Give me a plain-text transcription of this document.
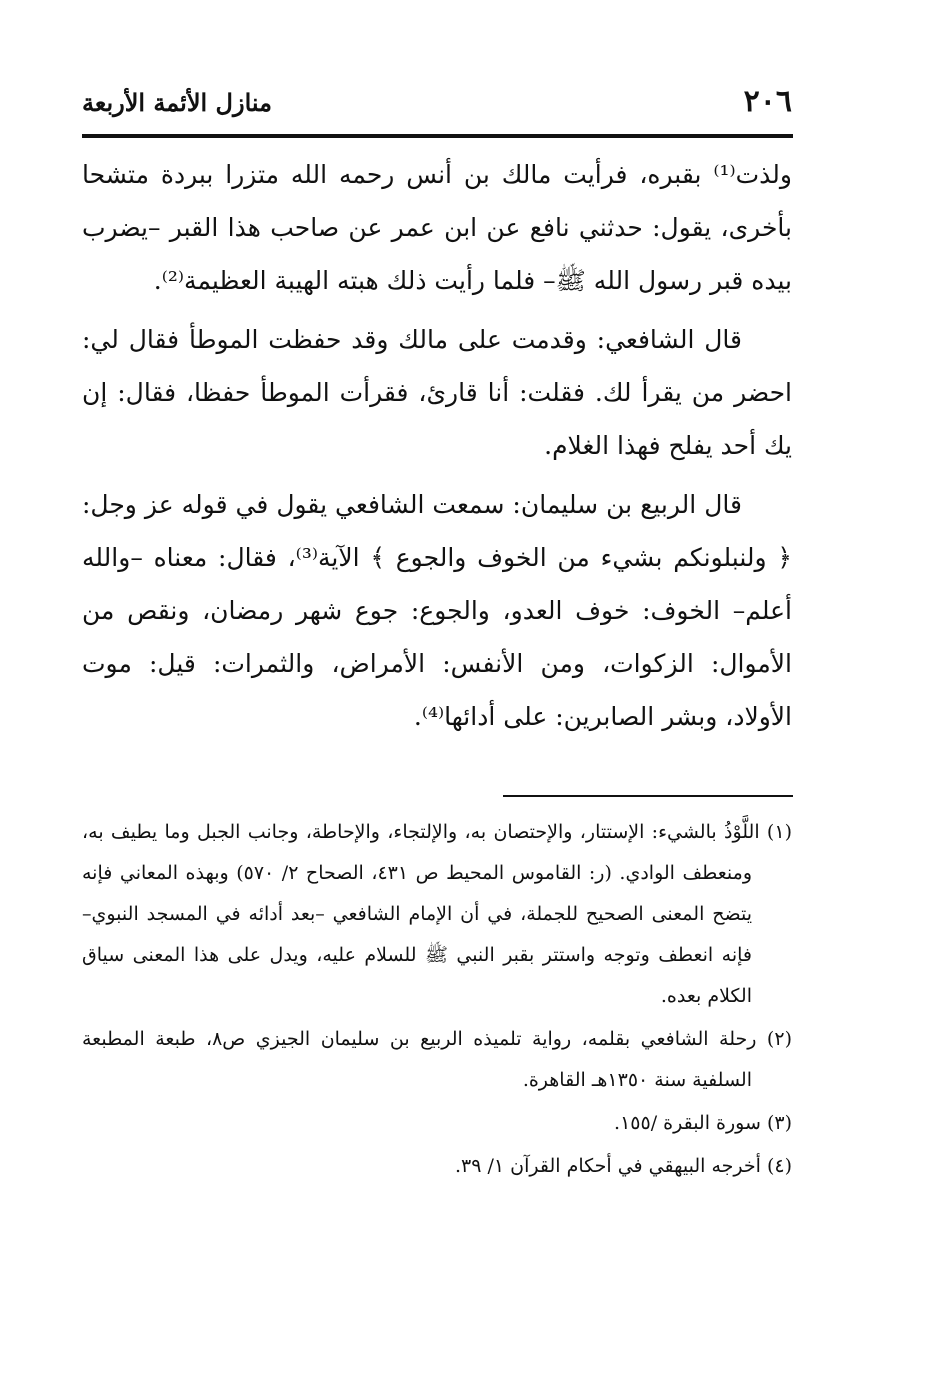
٢٠٦
منازل الأئمة الأربعة

ولذت⁽¹⁾ بقبره، فرأيت مالك بن أنس رحمه الله متزرا ببردة متشحا بأخرى، يقول: حدثني نافع عن ابن عمر عن صاحب هذا القبر –يضرب بيده قبر رسول الله ﷺ– فلما رأيت ذلك هبته الهيبة العظيمة⁽²⁾.

قال الشافعي: وقدمت على مالك وقد حفظت الموطأ فقال لي: احضر من يقرأ لك. فقلت: أنا قارئ، فقرأت الموطأ حفظا، فقال: إن يك أحد يفلح فهذا الغلام.

قال الربيع بن سليمان: سمعت الشافعي يقول في قوله عز وجل: ﴿ ولنبلونكم بشيء من الخوف والجوع ﴾ الآية⁽³⁾، فقال: معناه –والله أعلم– الخوف: خوف العدو، والجوع: جوع شهر رمضان، ونقص من الأموال: الزكوات، ومن الأنفس: الأمراض، والثمرات: قيل: موت الأولاد، وبشر الصابرين: على أدائها⁽⁴⁾.

(١) اللَّوْذُ بالشيء: الإستتار، والإحتصان به، والإلتجاء، والإحاطة، وجانب الجبل وما يطيف به، ومنعطف الوادي. (ر: القاموس المحيط ص ٤٣١، الصحاح ٢/ ٥٧٠) وبهذه المعاني فإنه يتضح المعنى الصحيح للجملة، في أن الإمام الشافعي –بعد أدائه في المسجد النبوي– فإنه انعطف وتوجه واستتر بقبر النبي ﷺ للسلام عليه، ويدل على هذا المعنى سياق الكلام بعده.

(٢) رحلة الشافعي بقلمه، رواية تلميذه الربيع بن سليمان الجيزي ص٨، طبعة المطبعة السلفية سنة ١٣٥٠هـ القاهرة.

(٣) سورة البقرة /١٥٥.

(٤) أخرجه البيهقي في أحكام القرآن ١/ ٣٩.
